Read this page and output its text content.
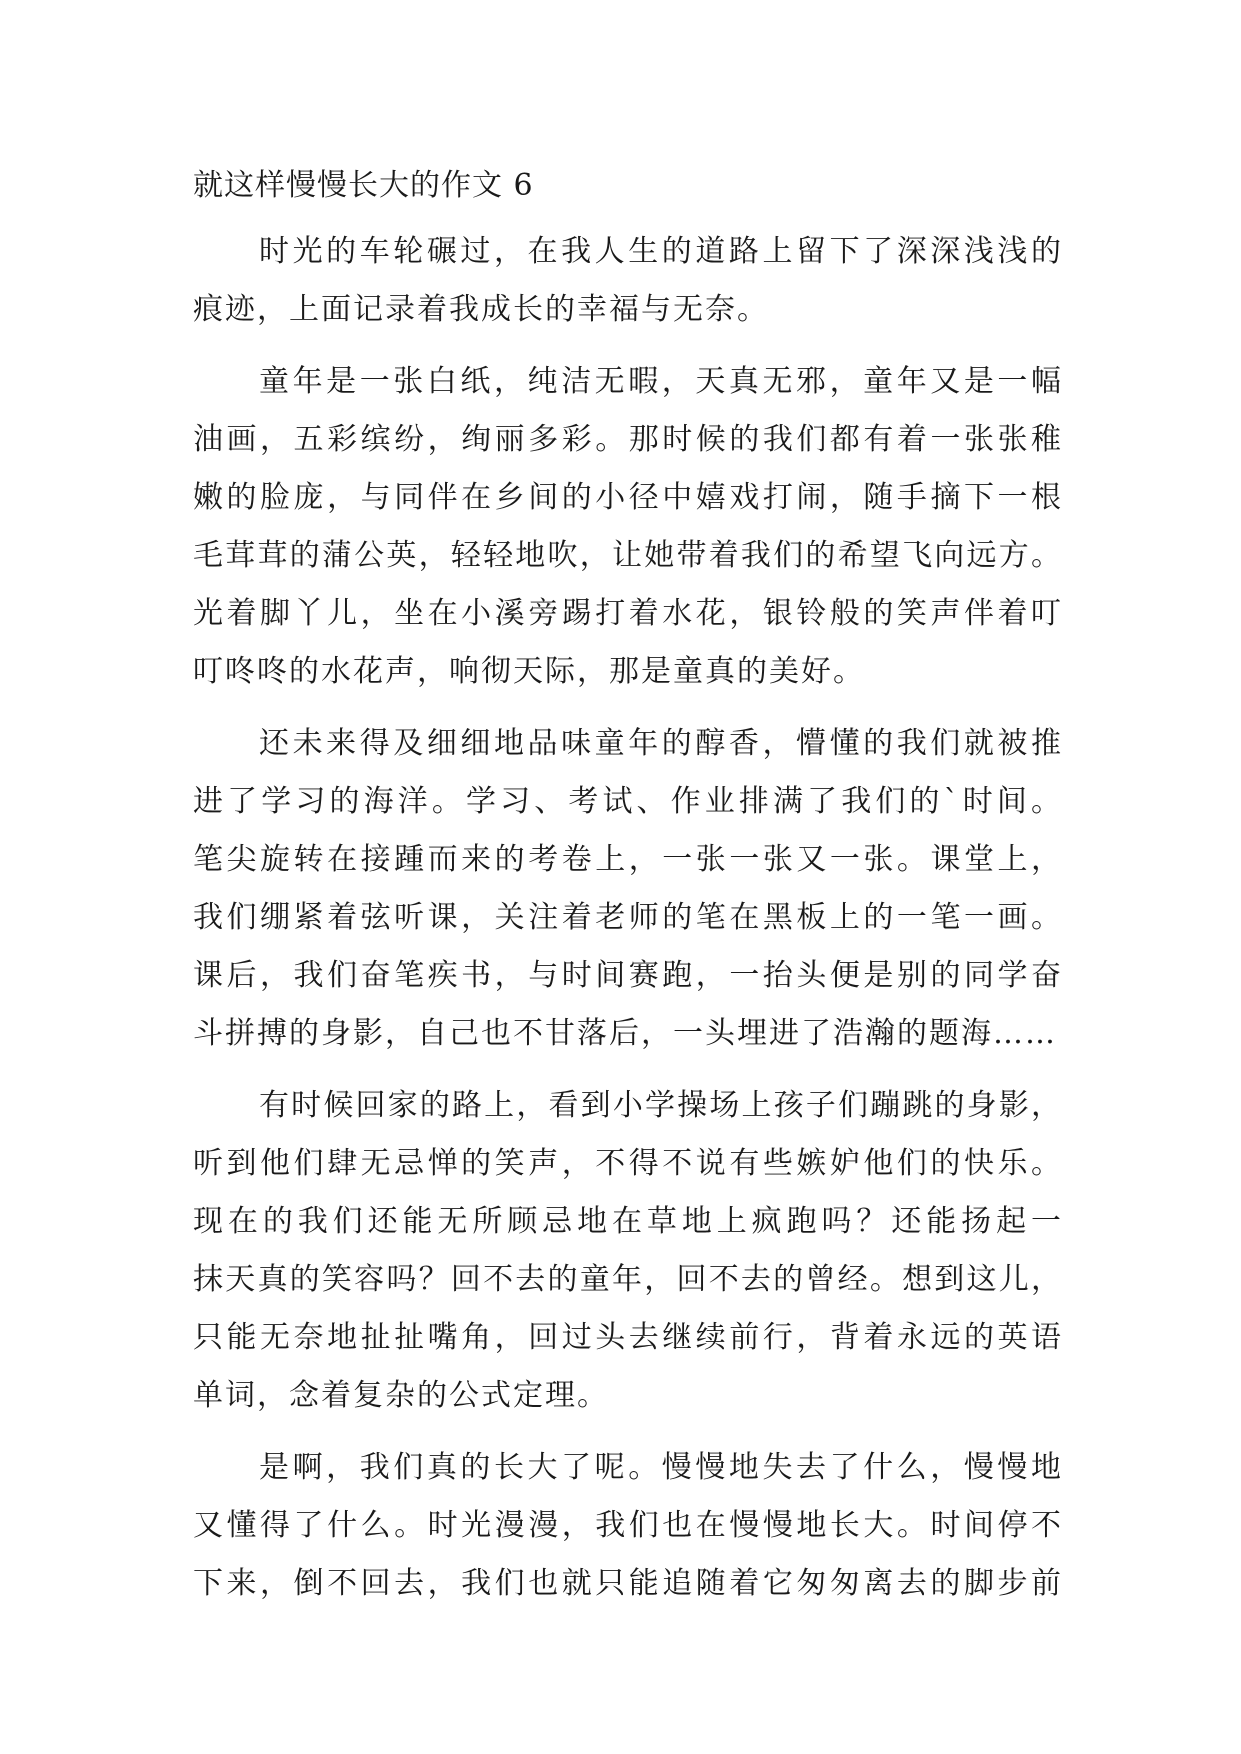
就这样慢慢长大的作文 6
时光的车轮碾过，在我人生的道路上留下了深深浅浅的
痕迹，上面记录着我成长的幸福与无奈。
童年是一张白纸，纯洁无暇，天真无邪，童年又是一幅
油画，五彩缤纷，绚丽多彩。那时候的我们都有着一张张稚
嫩的脸庞，与同伴在乡间的小径中嬉戏打闹，随手摘下一根
毛茸茸的蒲公英，轻轻地吹，让她带着我们的希望飞向远方。
光着脚丫儿，坐在小溪旁踢打着水花，银铃般的笑声伴着叮
叮咚咚的水花声，响彻天际，那是童真的美好。
还未来得及细细地品味童年的醇香，懵懂的我们就被推
进了学习的海洋。学习、考试、作业排满了我们的`时间。
笔尖旋转在接踵而来的考卷上，一张一张又一张。课堂上，
我们绷紧着弦听课，关注着老师的笔在黑板上的一笔一画。
课后，我们奋笔疾书，与时间赛跑，一抬头便是别的同学奋
斗拼搏的身影，自己也不甘落后，一头埋进了浩瀚的题海……
有时候回家的路上，看到小学操场上孩子们蹦跳的身影，
听到他们肆无忌惮的笑声，不得不说有些嫉妒他们的快乐。
现在的我们还能无所顾忌地在草地上疯跑吗？还能扬起一
抹天真的笑容吗？回不去的童年，回不去的曾经。想到这儿，
只能无奈地扯扯嘴角，回过头去继续前行，背着永远的英语
单词，念着复杂的公式定理。
是啊，我们真的长大了呢。慢慢地失去了什么，慢慢地
又懂得了什么。时光漫漫，我们也在慢慢地长大。时间停不
下来，倒不回去，我们也就只能追随着它匆匆离去的脚步前
